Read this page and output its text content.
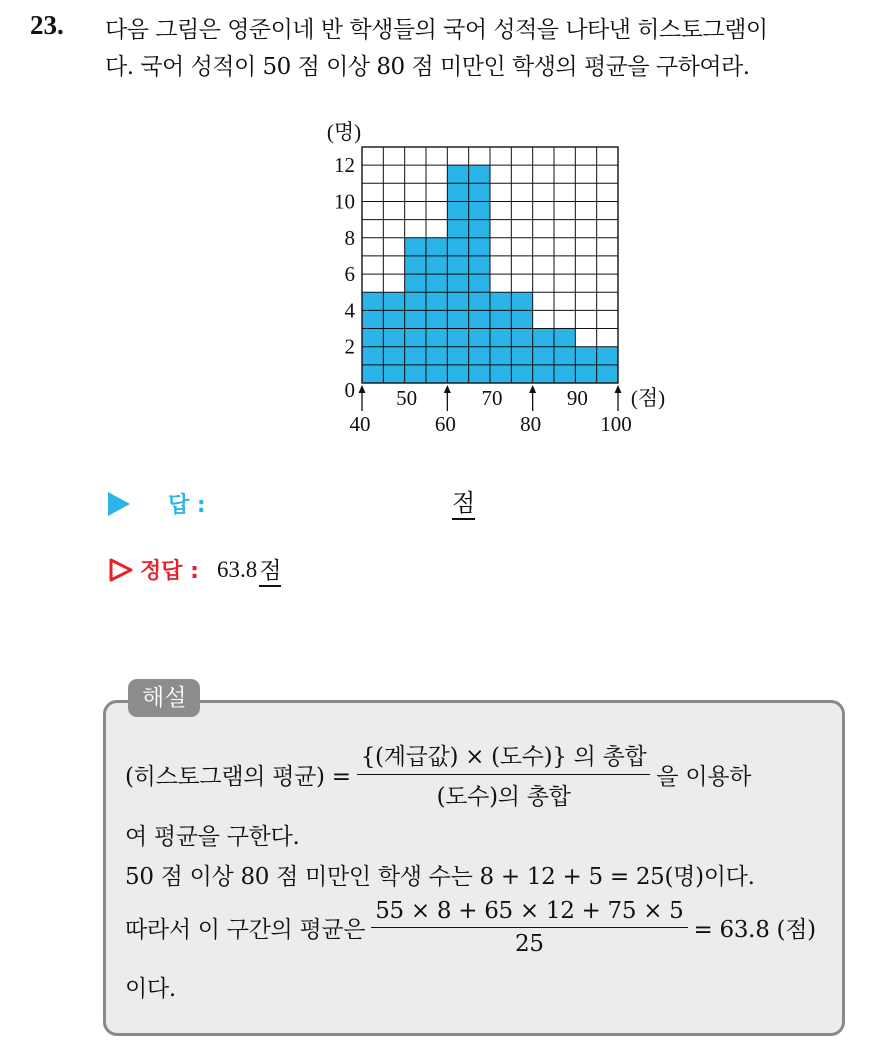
23. 다음 그림은 영준이네 반 학생들의 국어 성적을 나타낸 히스토그램이
다. 국어 성적이 50 점 이상 80 점 미만인 학생의 평균을 구하여라.
0
2
4
6
8
10
12
(명)
50	70	90
40	60	80	100
(점)
답 :	점
정답 : 63.8 점
해설
(히스토그램의 평균) = $\frac{\text{\{(계급값) × (도수)\} 의 총합}}{\text{(도수)의 총합}}$ 을 이용하
여 평균을 구한다.
50 점 이상 80 점 미만인 학생 수는 8 + 12 + 5 = 25(명)이다.
따라서 이 구간의 평균은 $\frac{55 \times 8 + 65 \times 12 + 75 \times 5}{25} = 63.8$ (점)
이다.
